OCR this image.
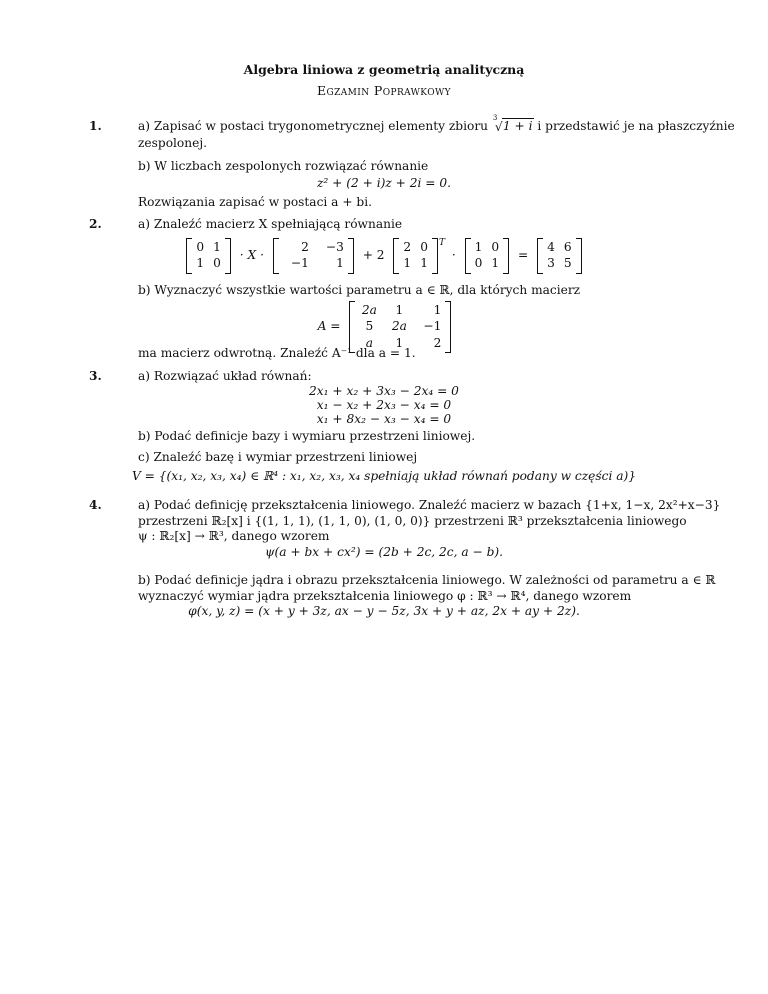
Algebra liniowa z geometrią analityczną
Egzamin Poprawkowy
1.	a) Zapisać w postaci trygonometrycznej elementy zbioru
3
√ 1 + i i przedstawić je na płaszczyźnie
zespolonej.
b) W liczbach zespolonych rozwiązać równanie
z² + (2 + i)z + 2i = 0.
Rozwiązania zapisać w postaci a + bi.
2.	a) Znaleźć macierz X spełniającą równanie
0 1
1 0
· X ·
2	−3
−1	1
+ 2
2 0
1 1
$^T$ ·
1 0
0 1
=
4 6
3 5
b) Wyznaczyć wszystkie wartości parametru a ∈ ℝ, dla których macierz
A =
2a	1	1
5	2a	−1
a	1	2
ma macierz odwrotną. Znaleźć A⁻¹ dla a = 1.
3.	a) Rozwiązać układ równań:
2x₁ + x₂ + 3x₃ − 2x₄ = 0
x₁ − x₂ + 2x₃ − x₄ = 0
x₁ + 8x₂ − x₃ − x₄ = 0
b) Podać definicje bazy i wymiaru przestrzeni liniowej.
c) Znaleźć bazę i wymiar przestrzeni liniowej
V = {(x₁, x₂, x₃, x₄) ∈ ℝ⁴ : x₁, x₂, x₃, x₄ spełniają układ równań podany w części a)}
4.	a) Podać definicję przekształcenia liniowego. Znaleźć macierz w bazach {1+x, 1−x, 2x²+x−3}
przestrzeni ℝ₂[x] i {(1, 1, 1), (1, 1, 0), (1, 0, 0)} przestrzeni ℝ³ przekształcenia liniowego
ψ : ℝ₂[x] → ℝ³, danego wzorem
ψ(a + bx + cx²) = (2b + 2c, 2c, a − b).
b) Podać definicje jądra i obrazu przekształcenia liniowego. W zależności od parametru a ∈ ℝ
wyznaczyć wymiar jądra przekształcenia liniowego φ : ℝ³ → ℝ⁴, danego wzorem
φ(x, y, z) = (x + y + 3z, ax − y − 5z, 3x + y + az, 2x + ay + 2z).
